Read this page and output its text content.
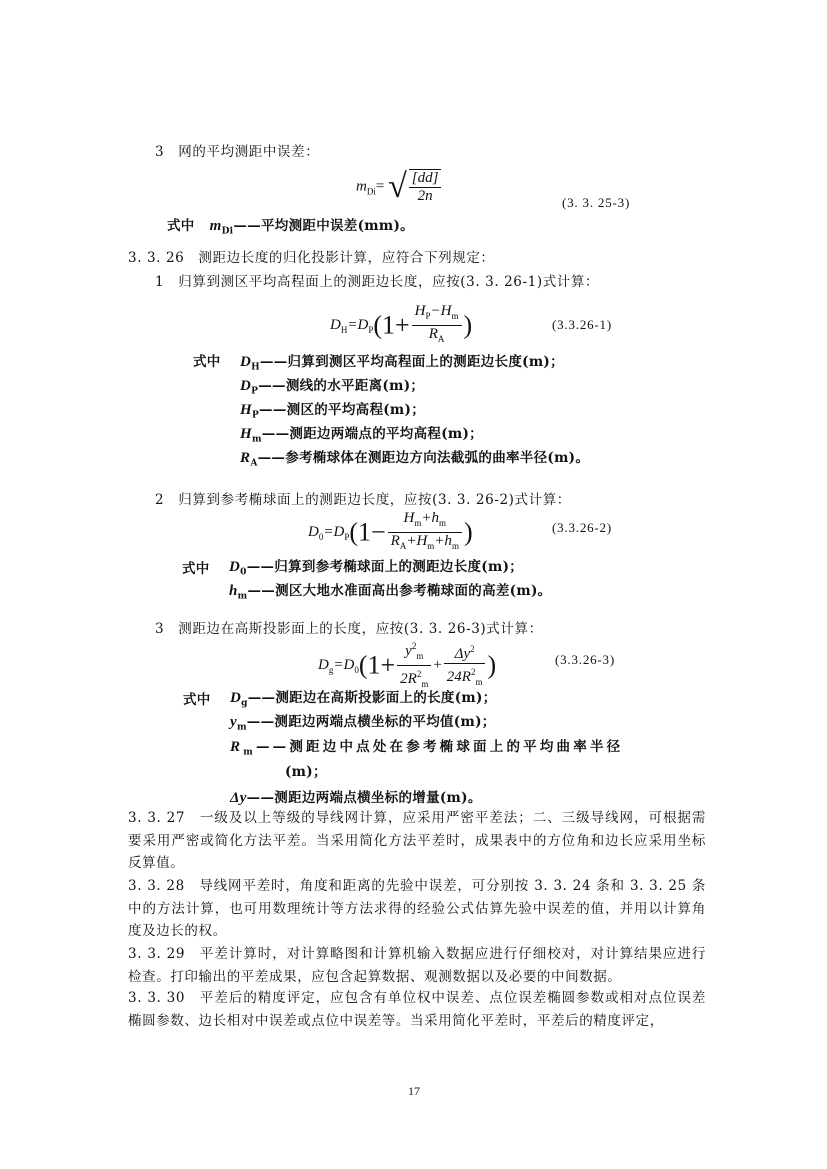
3　网的平均测距中误差：
$m_{Di}=$ √ $\frac{[dd]}{2n}$	(3. 3. 25-3)
式中 $m_{Di}——$平均测距中误差(mm)。
3. 3. 26　测距边长度的归化投影计算，应符合下列规定：
1　归算到测区平均高程面上的测距边长度，应按(3. 3. 26-1)式计算：
$D_H=D_P(1+ \frac{H_P-H_m}{R_A}$ )	(3.3.26-1)
式中 $D_H——$归算到测区平均高程面上的测距边长度(m)；
$D_P——$测线的水平距离(m)；
$H_P——$测区的平均高程(m)；
$H_m——$测距边两端点的平均高程(m)；
$R_A——$参考椭球体在测距边方向法截弧的曲率半径(m)。
2　归算到参考椭球面上的测距边长度，应按(3. 3. 26-2)式计算：
$D_0=D_P(1- \frac{H_m+h_m}{R_A+H_m+h_m}$ )	(3.3.26-2)
式中 $D_0——$归算到参考椭球面上的测距边长度(m)；
$h_m——$测区大地水准面高出参考椭球面的高差(m)。
3　测距边在高斯投影面上的长度，应按(3. 3. 26-3)式计算：
$D_g=D_0(1+ \frac{y^2_m}{2R^2_m} + \frac{\Delta y^2}{24R^2_m}$ )	(3.3.26-3)
式中 $D_g——$测距边在高斯投影面上的长度(m)；
$y_m——$测距边两端点横坐标的平均值(m)；
$R_m——$测距边中点处在参考椭球面上的平均曲率半径
(m)；
Δy——测距边两端点横坐标的增量(m)。
3. 3. 27　一级及以上等级的导线网计算，应采用严密平差法；二、三级导线网，可根据需要采用严密或简化方法平差。当采用简化方法平差时，成果表中的方位角和边长应采用坐标反算值。
3. 3. 28　导线网平差时，角度和距离的先验中误差，可分别按 3. 3. 24 条和 3. 3. 25 条中的方法计算，也可用数理统计等方法求得的经验公式估算先验中误差的值，并用以计算角度及边长的权。
3. 3. 29　平差计算时，对计算略图和计算机输入数据应进行仔细校对，对计算结果应进行检查。打印输出的平差成果，应包含起算数据、观测数据以及必要的中间数据。
3. 3. 30　平差后的精度评定，应包含有单位权中误差、点位误差椭圆参数或相对点位误差椭圆参数、边长相对中误差或点位中误差等。当采用简化平差时，平差后的精度评定，
17
